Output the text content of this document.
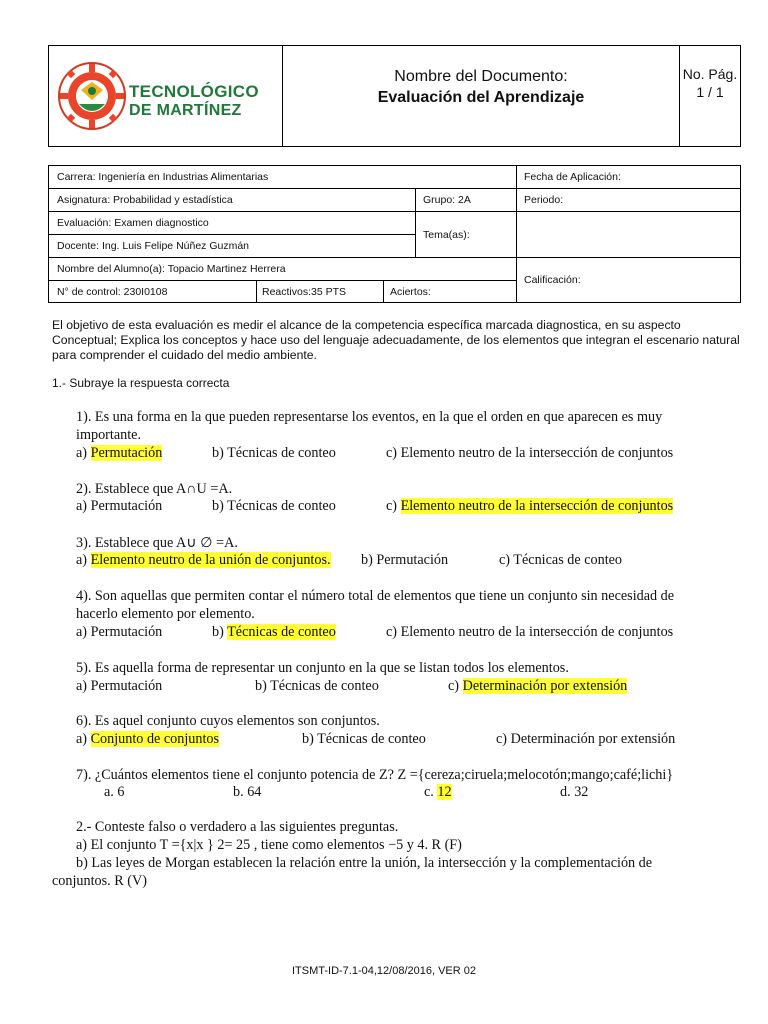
TECNOLÓGICO
DE MARTÍNEZ
Nombre del Documento:
Evaluación del Aprendizaje
No. Pág.
1 / 1
Carrera: Ingeniería en Industrias Alimentarias	Fecha de Aplicación:
Asignatura: Probabilidad y estadística	Grupo: 2A	Periodo:
Evaluación: Examen diagnostico
Tema(as):
Docente: Ing. Luis Felipe Núñez Guzmán
Nombre del Alumno(a): Topacio Martinez Herrera
Calificación:
N° de control: 230I0108	Reactivos:35 PTS	Aciertos:
El objetivo de esta evaluación es medir el alcance de la competencia específica marcada diagnostica, en su aspecto Conceptual; Explica los conceptos y hace uso del lenguaje adecuadamente, de los elementos que integran el escenario natural para comprender el cuidado del medio ambiente.
1.- Subraye la respuesta correcta
1). Es una forma en la que pueden representarse los eventos, en la que el orden en que aparecen es muy
importante.
a) Permutación	b) Técnicas de conteo	c) Elemento neutro de la intersección de conjuntos
2). Establece que A∩U =A.
a) Permutación	b) Técnicas de conteo	c) Elemento neutro de la intersección de conjuntos
3). Establece que A∪ ∅ =A.
a) Elemento neutro de la unión de conjuntos. b) Permutación	c) Técnicas de conteo
4). Son aquellas que permiten contar el número total de elementos que tiene un conjunto sin necesidad de
hacerlo elemento por elemento.
a) Permutación	b) Técnicas de conteo	c) Elemento neutro de la intersección de conjuntos
5). Es aquella forma de representar un conjunto en la que se listan todos los elementos.
a) Permutación	b) Técnicas de conteo	c) Determinación por extensión
6). Es aquel conjunto cuyos elementos son conjuntos.
a) Conjunto de conjuntos	b) Técnicas de conteo	c) Determinación por extensión
7). ¿Cuántos elementos tiene el conjunto potencia de Z? Z ={cereza;ciruela;melocotón;mango;café;lichi}
a. 6	b. 64	c. 12	d. 32
2.- Conteste falso o verdadero a las siguientes preguntas.
a) El conjunto T ={x|x } 2= 25 , tiene como elementos −5 y 4. R (F)
b) Las leyes de Morgan establecen la relación entre la unión, la intersección y la complementación de
conjuntos. R (V)
ITSMT-ID-7.1-04,12/08/2016, VER 02
